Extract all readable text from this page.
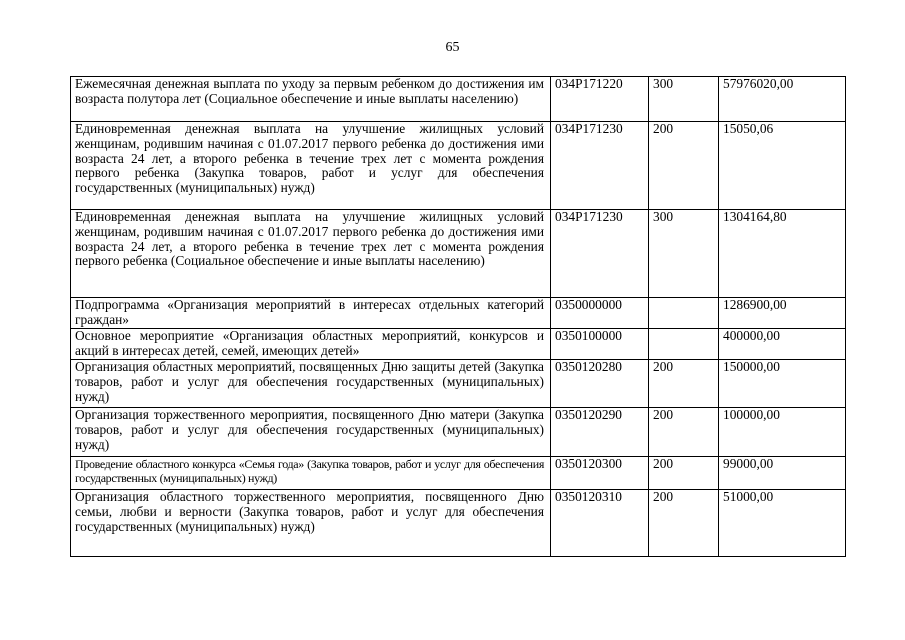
65
Ежемесячная денежная выплата по уходу за первым ребенком до достижения им возраста полутора лет (Социальное обеспечение и иные выплаты населению)	034P171220	300	57976020,00
Единовременная денежная выплата на улучшение жилищных условий женщинам, родившим начиная с 01.07.2017 первого ребенка до достижения ими возраста 24 лет, а второго ребенка в течение трех лет с момента рождения первого ребенка (Закупка товаров, работ и услуг для обеспечения государственных (муниципальных) нужд)	034P171230	200	15050,06
Единовременная денежная выплата на улучшение жилищных условий женщинам, родившим начиная с 01.07.2017 первого ребенка до достижения ими возраста 24 лет, а второго ребенка в течение трех лет с момента рождения первого ребенка (Социальное обеспечение и иные выплаты населению)	034P171230	300	1304164,80
Подпрограмма «Организация мероприятий в интересах отдельных категорий граждан»	0350000000		1286900,00
Основное мероприятие «Организация областных мероприятий, конкурсов и акций в интересах детей, семей, имеющих детей»	0350100000		400000,00
Организация областных мероприятий, посвященных Дню защиты детей (Закупка товаров, работ и услуг для обеспечения государственных (муниципальных) нужд)	0350120280	200	150000,00
Организация торжественного мероприятия, посвященного Дню матери (Закупка товаров, работ и услуг для обеспечения государственных (муниципальных) нужд)	0350120290	200	100000,00
Проведение областного конкурса «Семья года» (Закупка товаров, работ и услуг для обеспечения государственных (муниципальных) нужд)	0350120300	200	99000,00
Организация областного торжественного мероприятия, посвященного Дню семьи, любви и верности (Закупка товаров, работ и услуг для обеспечения государственных (муниципальных) нужд)	0350120310	200	51000,00
